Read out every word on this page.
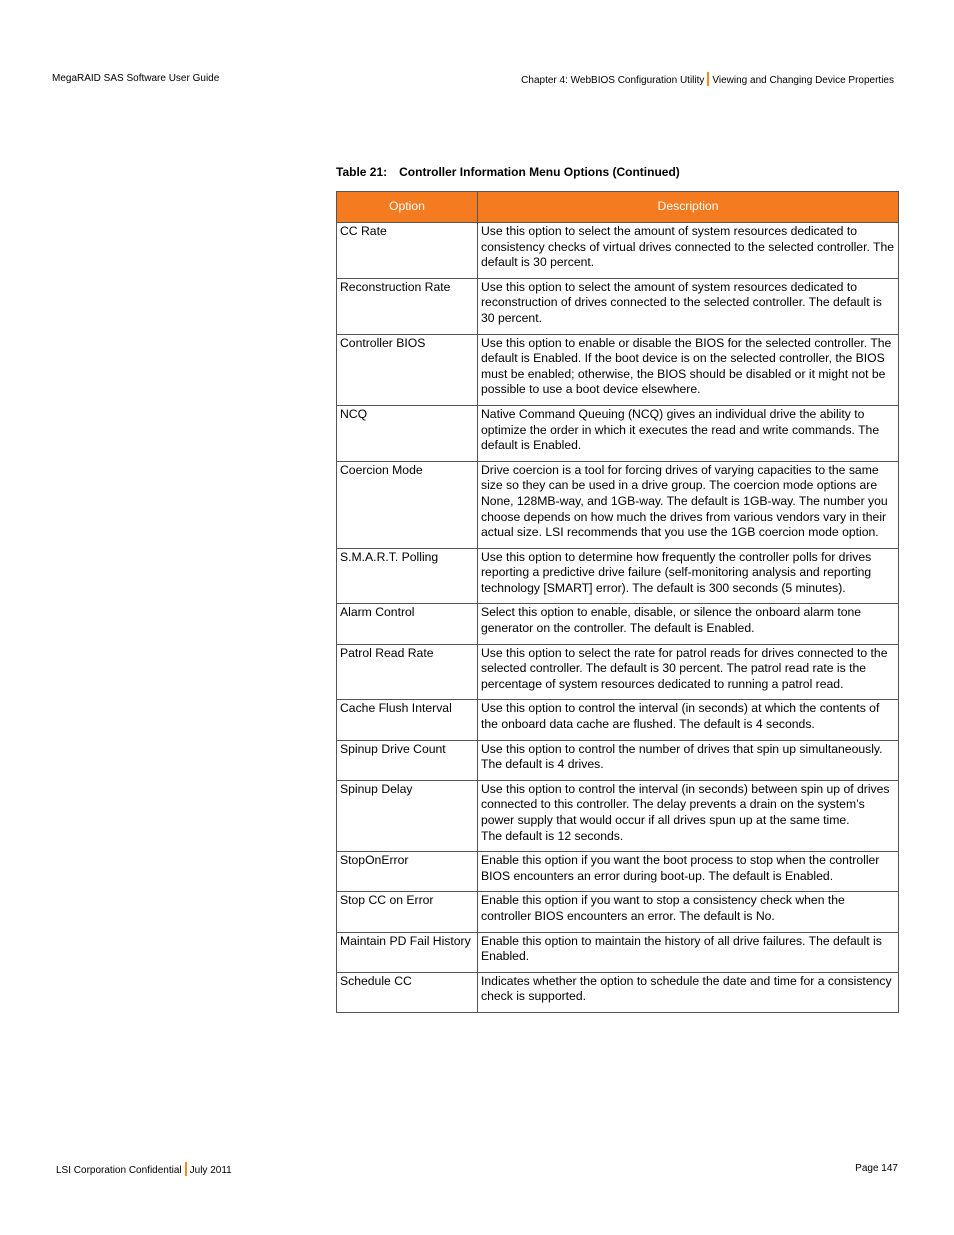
MegaRAID SAS Software User Guide	Chapter 4: WebBIOS Configuration Utility Viewing and Changing Device Properties
Table 21: Controller Information Menu Options (Continued)
Option	Description
CC Rate	Use this option to select the amount of system resources dedicated to consistency checks of virtual drives connected to the selected controller. The default is 30 percent.
Reconstruction Rate	Use this option to select the amount of system resources dedicated to reconstruction of drives connected to the selected controller. The default is 30 percent.
Controller BIOS	Use this option to enable or disable the BIOS for the selected controller. The default is Enabled. If the boot device is on the selected controller, the BIOS must be enabled; otherwise, the BIOS should be disabled or it might not be possible to use a boot device elsewhere.
NCQ	Native Command Queuing (NCQ) gives an individual drive the ability to optimize the order in which it executes the read and write commands. The default is Enabled.
Coercion Mode	Drive coercion is a tool for forcing drives of varying capacities to the same size so they can be used in a drive group. The coercion mode options are None, 128MB-way, and 1GB-way. The default is 1GB-way. The number you choose depends on how much the drives from various vendors vary in their actual size. LSI recommends that you use the 1GB coercion mode option.
S.M.A.R.T. Polling	Use this option to determine how frequently the controller polls for drives reporting a predictive drive failure (self-monitoring analysis and reporting technology [SMART] error). The default is 300 seconds (5 minutes).
Alarm Control	Select this option to enable, disable, or silence the onboard alarm tone generator on the controller. The default is Enabled.
Patrol Read Rate	Use this option to select the rate for patrol reads for drives connected to the selected controller. The default is 30 percent. The patrol read rate is the percentage of system resources dedicated to running a patrol read.
Cache Flush Interval	Use this option to control the interval (in seconds) at which the contents of the onboard data cache are flushed. The default is 4 seconds.
Spinup Drive Count	Use this option to control the number of drives that spin up simultaneously. The default is 4 drives.
Spinup Delay	Use this option to control the interval (in seconds) between spin up of drives connected to this controller. The delay prevents a drain on the system’s power supply that would occur if all drives spun up at the same time.
The default is 12 seconds.

StopOnError	Enable this option if you want the boot process to stop when the controller BIOS encounters an error during boot-up. The default is Enabled.
Stop CC on Error	Enable this option if you want to stop a consistency check when the controller BIOS encounters an error. The default is No.
Maintain PD Fail History	Enable this option to maintain the history of all drive failures. The default is Enabled.
Schedule CC	Indicates whether the option to schedule the date and time for a consistency check is supported.
LSI Corporation Confidential July 2011	Page 147
